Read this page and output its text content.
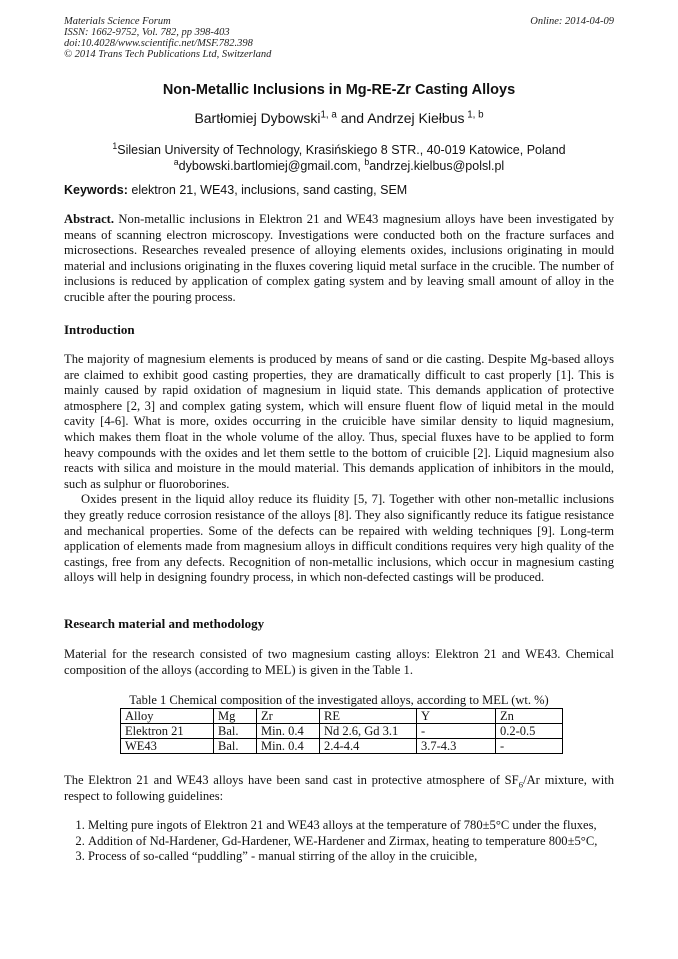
Materials Science Forum
ISSN: 1662-9752, Vol. 782, pp 398-403
doi:10.4028/www.scientific.net/MSF.782.398
© 2014 Trans Tech Publications Ltd, Switzerland
Online: 2014-04-09
Non-Metallic Inclusions in Mg-RE-Zr Casting Alloys
Bartłomiej Dybowski$^{1, a}$ and Andrzej Kiełbus $^{1, b}$
$^1$Silesian University of Technology, Krasińskiego 8 STR., 40-019 Katowice, Poland
$^a$dybowski.bartlomiej@gmail.com, $^b$andrzej.kielbus@polsl.pl
Keywords: elektron 21, WE43, inclusions, sand casting, SEM
Abstract. Non-metallic inclusions in Elektron 21 and WE43 magnesium alloys have been investigated by means of scanning electron microscopy. Investigations were conducted both on the fracture surfaces and microsections. Researches revealed presence of alloying elements oxides, inclusions originating in mould material and inclusions originating in the fluxes covering liquid metal surface in the crucible. The number of inclusions is reduced by application of complex gating system and by leaving small amount of alloy in the crucible after the pouring process.
Introduction

The majority of magnesium elements is produced by means of sand or die casting. Despite Mg-based alloys are claimed to exhibit good casting properties, they are dramatically difficult to cast properly [1]. This is mainly caused by rapid oxidation of magnesium in liquid state. This demands application of protective atmosphere [2, 3] and complex gating system, which will ensure fluent flow of liquid metal in the mould cavity [4-6]. What is more, oxides occurring in the cruicible have similar density to liquid magnesium, which makes them float in the whole volume of the alloy. Thus, special fluxes have to be applied to form heavy compounds with the oxides and let them settle to the bottom of cruicible [2]. Liquid magnesium also reacts with silica and moisture in the mould material. This demands application of inhibitors in the mould, such as sulphur or fluoroborines.

Oxides present in the liquid alloy reduce its fluidity [5, 7]. Together with other non-metallic inclusions they greatly reduce corrosion resistance of the alloys [8]. They also significantly reduce its fatigue resistance and mechanical properties. Some of the defects can be repaired with welding techniques [9]. Long-term application of elements made from magnesium alloys in difficult conditions requires very high quality of the castings, free from any defects. Recognition of non-metallic inclusions, which occur in magnesium casting alloys will help in designing foundry process, in which non-defected castings will be produced.

Research material and methodology
Material for the research consisted of two magnesium casting alloys: Elektron 21 and WE43. Chemical composition of the alloys (according to MEL) is given in the Table 1.
Table 1 Chemical composition of the investigated alloys, according to MEL (wt. %)
Alloy	Mg	Zr	RE	Y	Zn
Elektron 21	Bal.	Min. 0.4	Nd 2.6, Gd 3.1	-	0.2-0.5
WE43	Bal.	Min. 0.4	2.4-4.4	3.7-4.3	-
The Elektron 21 and WE43 alloys have been sand cast in protective atmosphere of $SF_6/Ar$ mixture, with respect to following guidelines:
1. Melting pure ingots of Elektron 21 and WE43 alloys at the temperature of 780±5°C under the fluxes,
2. Addition of Nd-Hardener, Gd-Hardener, WE-Hardener and Zirmax, heating to temperature 800±5°C,
3. Process of so-called “puddling” - manual stirring of the alloy in the cruicible,
